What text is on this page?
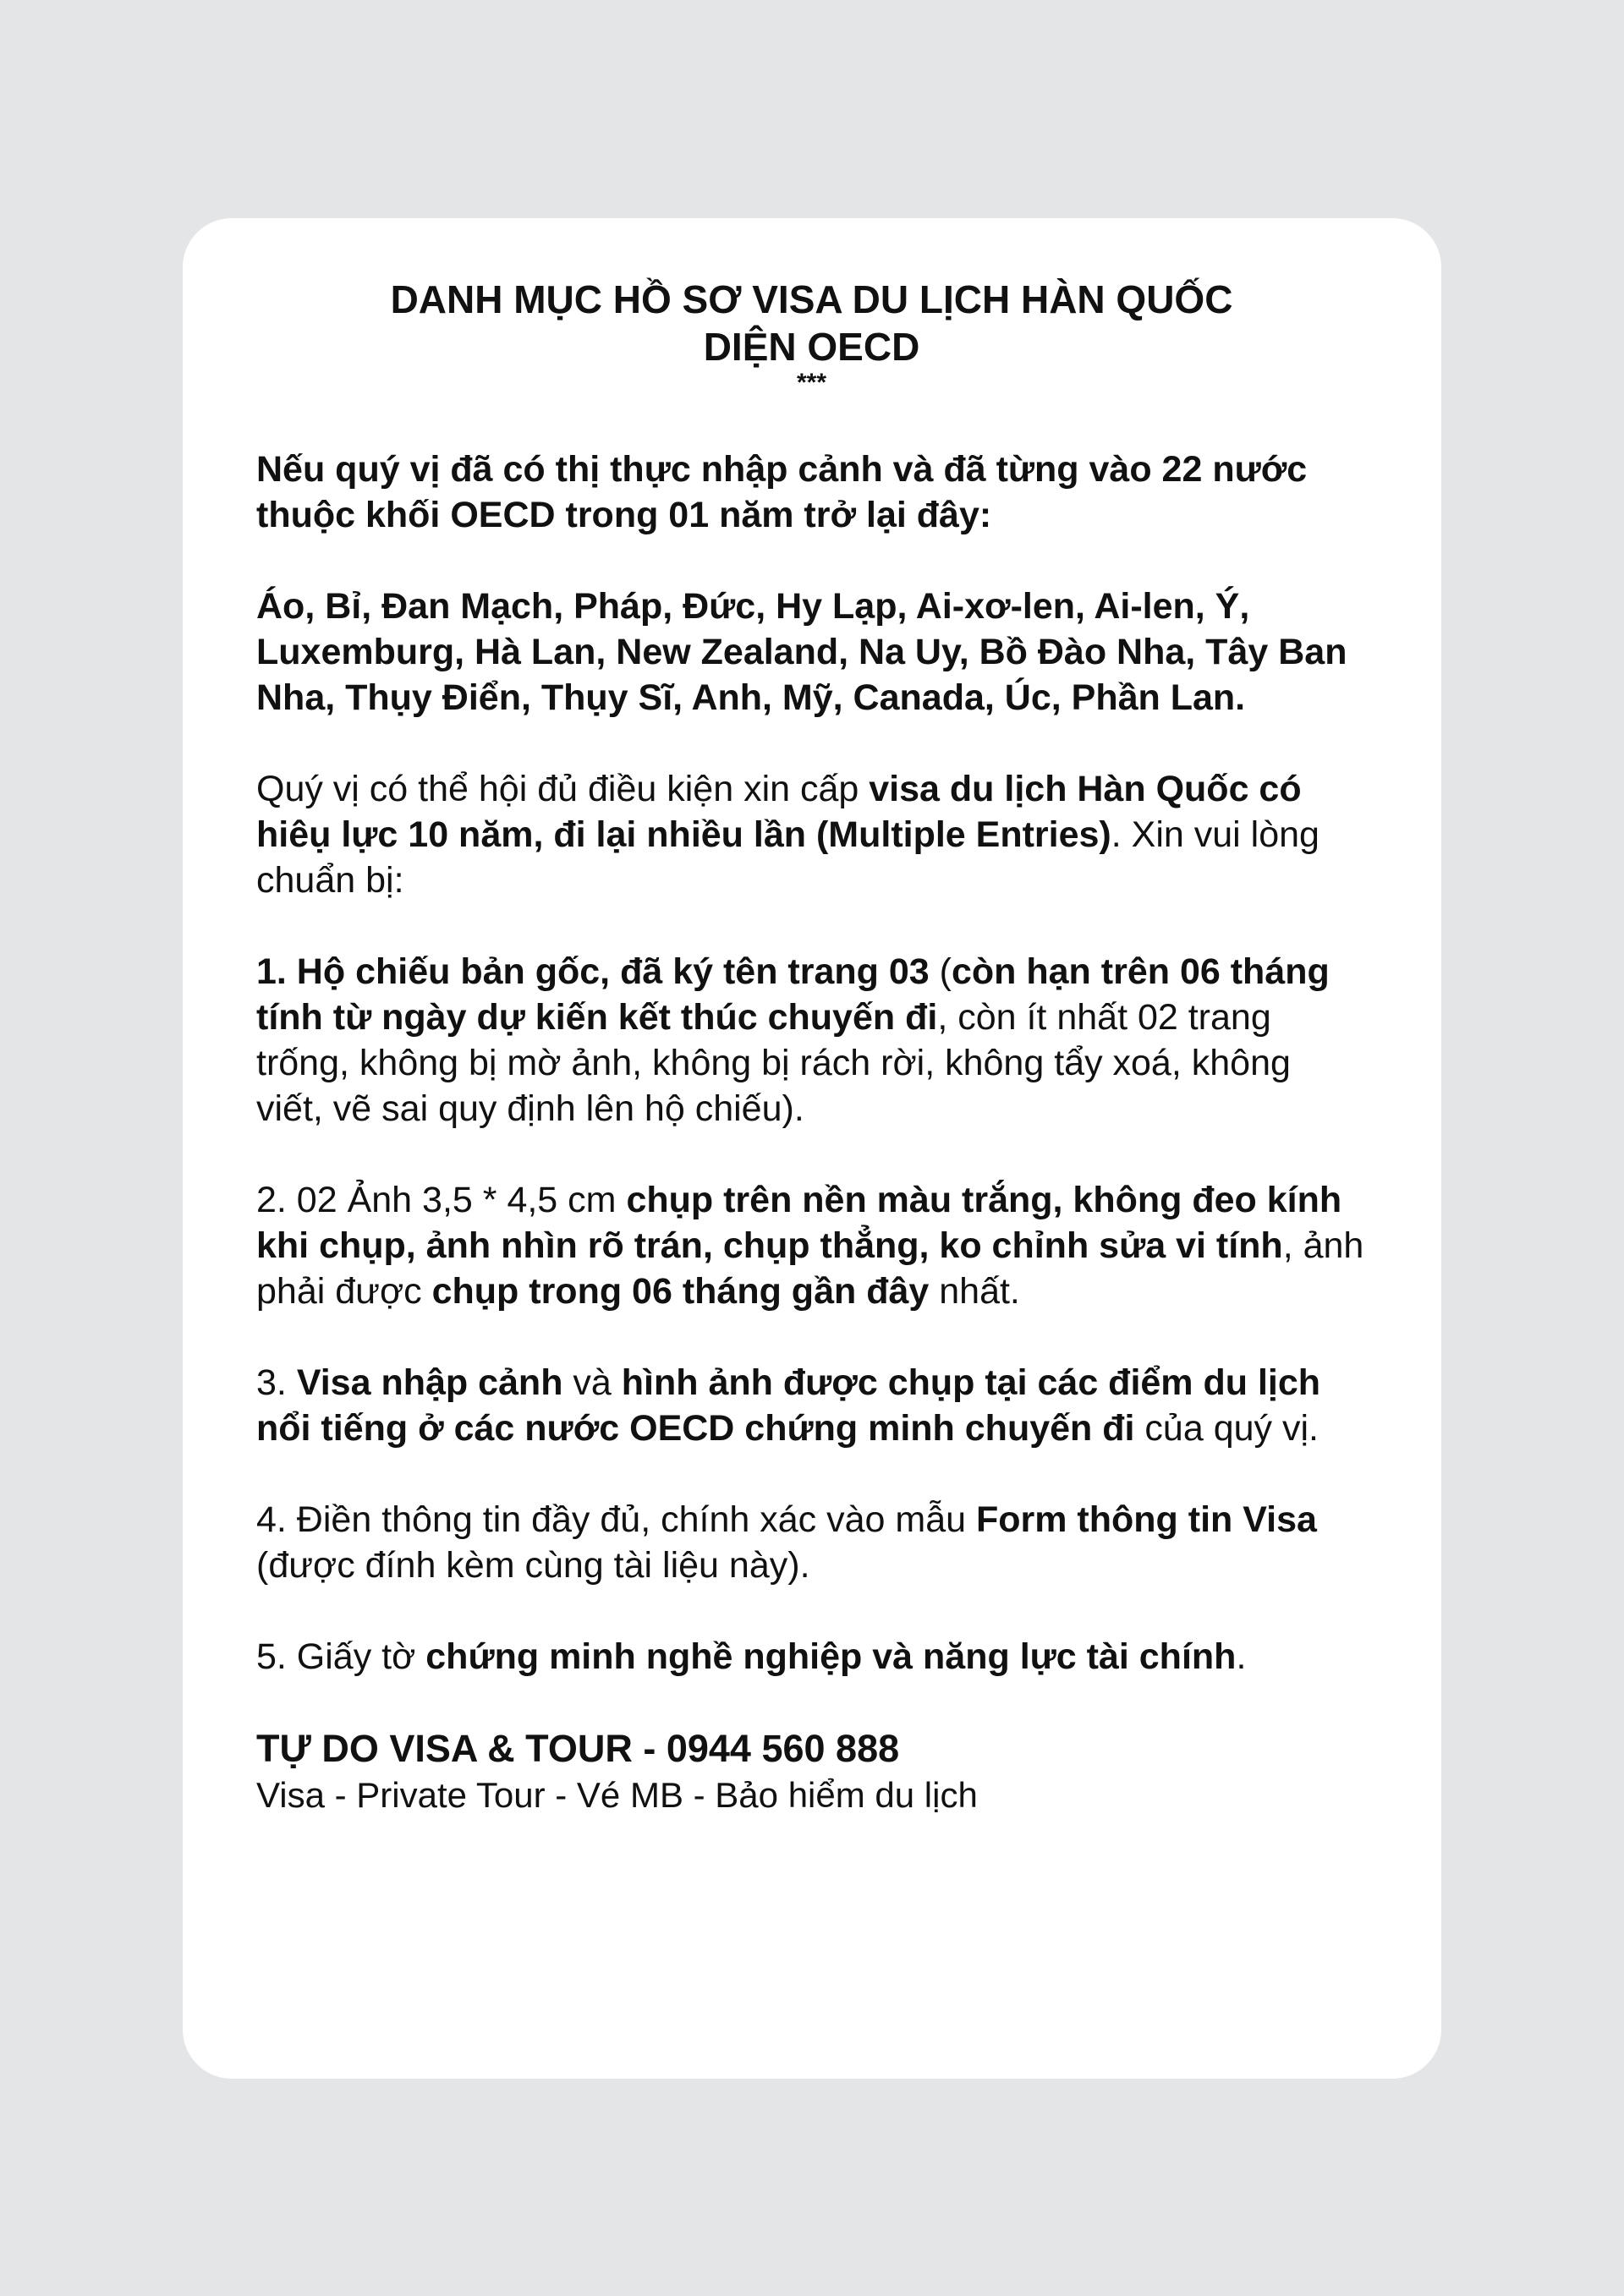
DANH MỤC HỒ SƠ VISA DU LỊCH HÀN QUỐC
DIỆN OECD

***

Nếu quý vị đã có thị thực nhập cảnh và đã từng vào 22 nước thuộc khối OECD trong 01 năm trở lại đây:

Áo, Bỉ, Đan Mạch, Pháp, Đức, Hy Lạp, Ai-xơ-len, Ai-len, Ý, Luxemburg, Hà Lan, New Zealand, Na Uy, Bồ Đào Nha, Tây Ban Nha, Thụy Điển, Thụy Sĩ, Anh, Mỹ, Canada, Úc, Phần Lan.

Quý vị có thể hội đủ điều kiện xin cấp visa du lịch Hàn Quốc có hiêụ lực 10 năm, đi lại nhiều lần (Multiple Entries). Xin vui lòng chuẩn bị:

1. Hộ chiếu bản gốc, đã ký tên trang 03 (còn hạn trên 06 tháng tính từ ngày dự kiến kết thúc chuyến đi, còn ít nhất 02 trang trống, không bị mờ ảnh, không bị rách rời, không tẩy xoá, không viết, vẽ sai quy định lên hộ chiếu).

2. 02 Ảnh 3,5 * 4,5 cm chụp trên nền màu trắng, không đeo kính khi chụp, ảnh nhìn rõ trán, chụp thẳng, ko chỉnh sửa vi tính, ảnh phải được chụp trong 06 tháng gần đây nhất.

3. Visa nhập cảnh và hình ảnh được chụp tại các điểm du lịch nổi tiếng ở các nước OECD chứng minh chuyến đi của quý vị.

4. Điền thông tin đầy đủ, chính xác vào mẫu Form thông tin Visa (được đính kèm cùng tài liệu này).

5. Giấy tờ chứng minh nghề nghiệp và năng lực tài chính.

TỰ DO VISA & TOUR - 0944 560 888

Visa - Private Tour - Vé MB - Bảo hiểm du lịch
